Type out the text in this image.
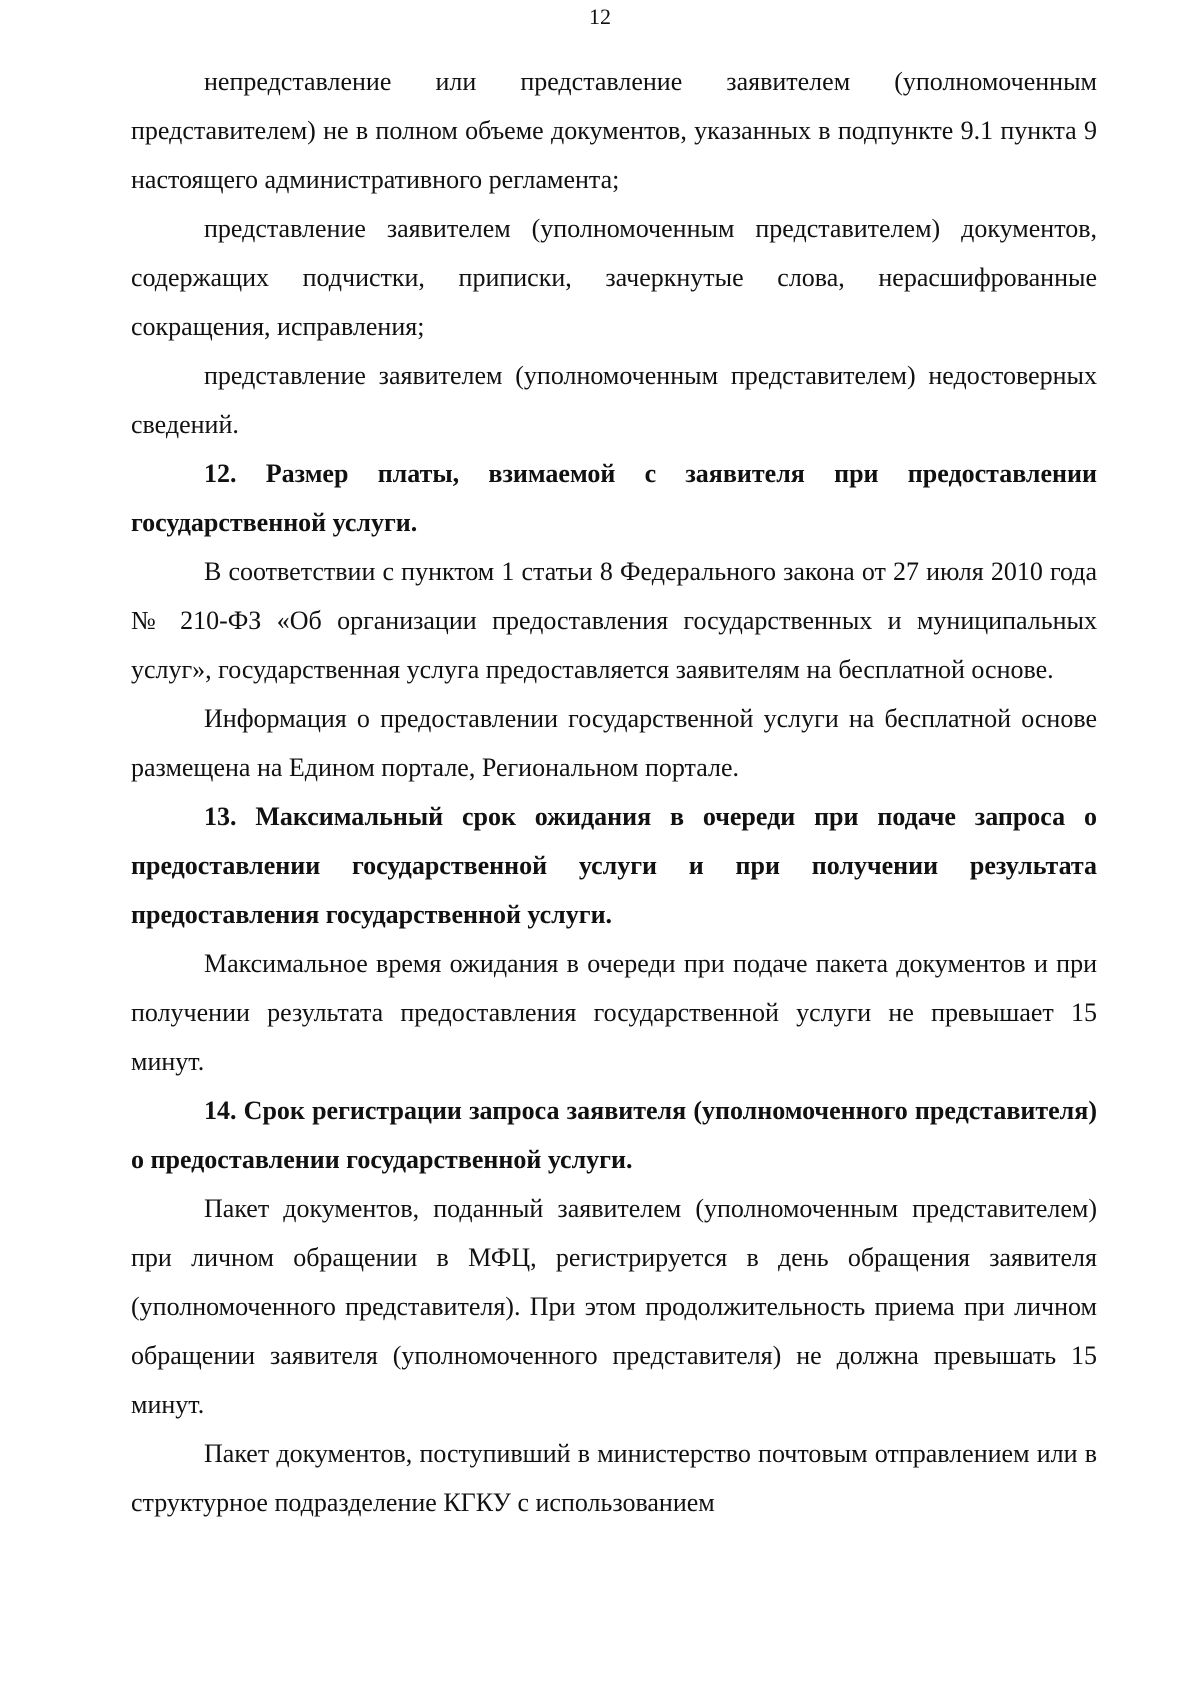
12

непредставление или представление заявителем (уполномоченным представителем) не в полном объеме документов, указанных в подпункте 9.1 пункта 9 настоящего административного регламента;

представление заявителем (уполномоченным представителем) документов, содержащих подчистки, приписки, зачеркнутые слова, нерасшифрованные сокращения, исправления;

представление заявителем (уполномоченным представителем) недостоверных сведений.

12. Размер платы, взимаемой с заявителя при предоставлении государственной услуги.

В соответствии с пунктом 1 статьи 8 Федерального закона от 27 июля 2010 года № 210-ФЗ «Об организации предоставления государственных и муниципальных услуг», государственная услуга предоставляется заявителям на бесплатной основе.

Информация о предоставлении государственной услуги на бесплатной основе размещена на Едином портале, Региональном портале.

13. Максимальный срок ожидания в очереди при подаче запроса о предоставлении государственной услуги и при получении результата предоставления государственной услуги.

Максимальное время ожидания в очереди при подаче пакета документов и при получении результата предоставления государственной услуги не превышает 15 минут.

14. Срок регистрации запроса заявителя (уполномоченного представителя) о предоставлении государственной услуги.

Пакет документов, поданный заявителем (уполномоченным представителем) при личном обращении в МФЦ, регистрируется в день обращения заявителя (уполномоченного представителя). При этом продолжительность приема при личном обращении заявителя (уполномоченного представителя) не должна превышать 15 минут.

Пакет документов, поступивший в министерство почтовым отправлением или в структурное подразделение КГКУ с использованием
